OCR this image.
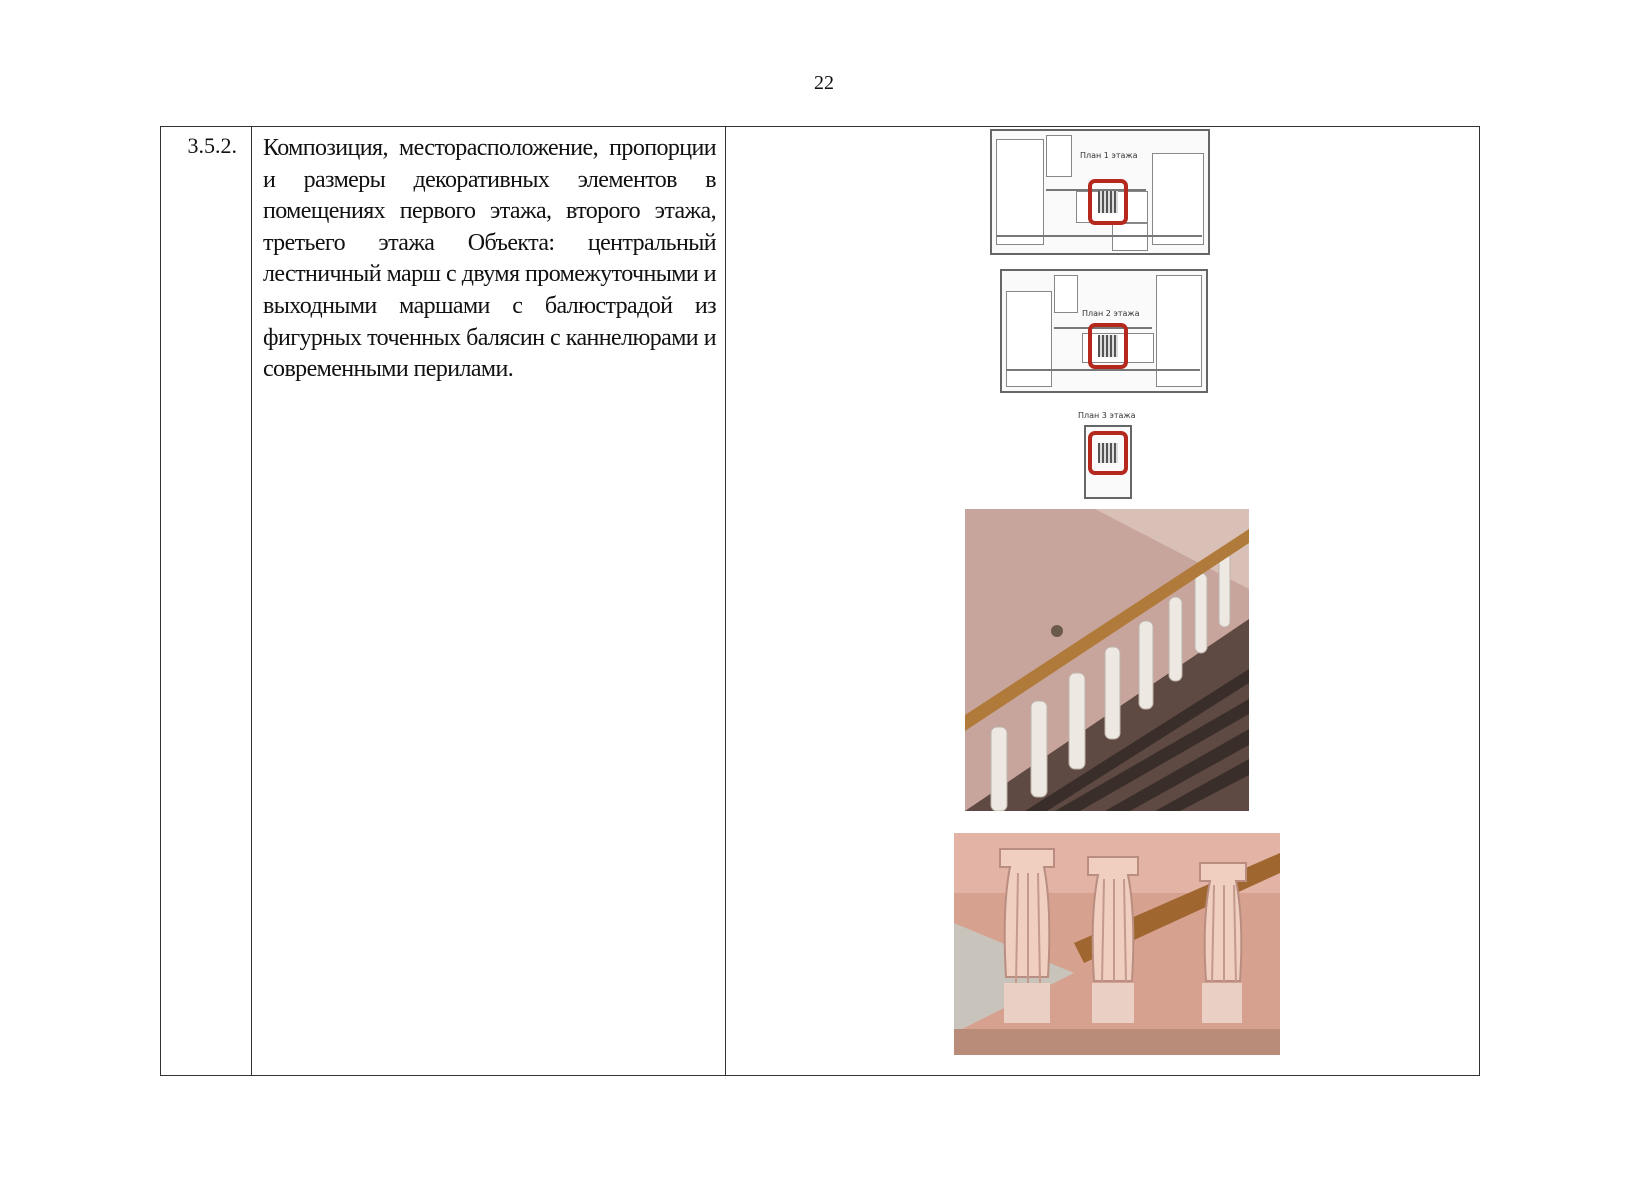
22
3.5.2.	Композиция, месторасположение, пропорции и размеры декоративных элементов в помещениях первого этажа, второго этажа, третьего этажа Объекта: центральный лестничный марш с двумя промежуточными и выходными маршами с балюстрадой из фигурных точенных балясин с каннелюрами и современными перилами.
План 1 этажа
План 2 этажа
План 3 этажа
